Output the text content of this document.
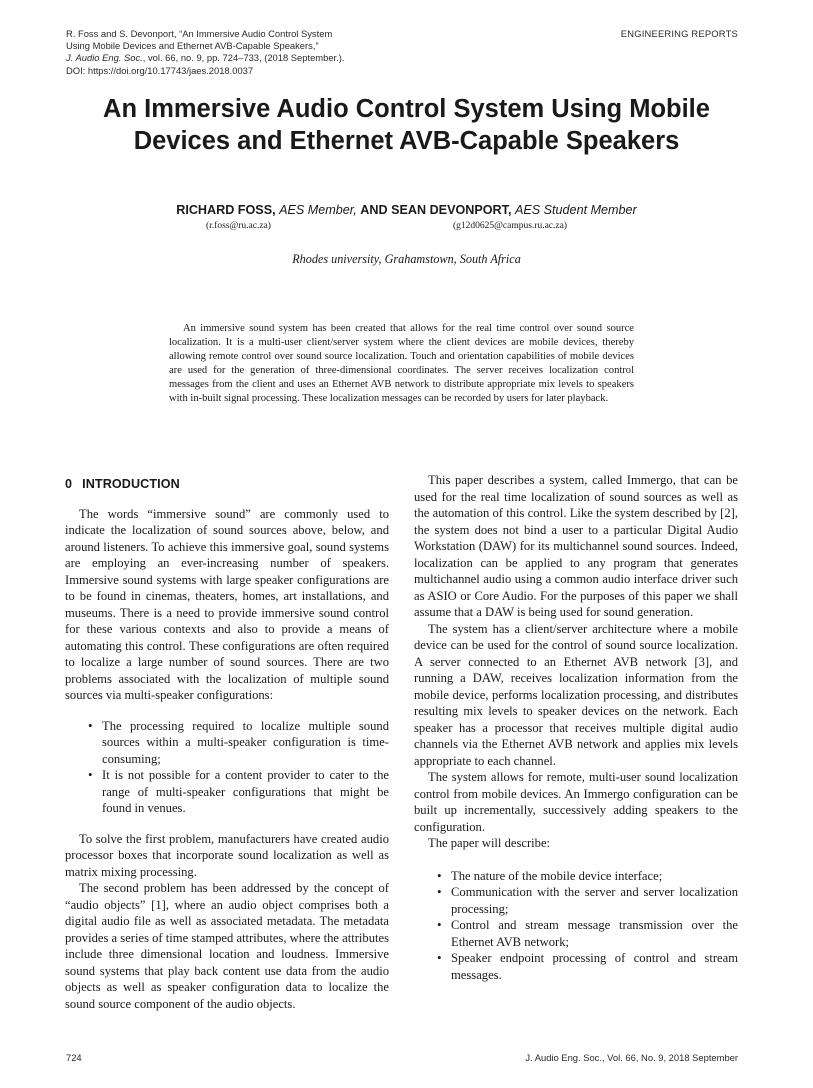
R. Foss and S. Devonport, “An Immersive Audio Control System
Using Mobile Devices and Ethernet AVB-Capable Speakers,”
J. Audio Eng. Soc., vol. 66, no. 9, pp. 724–733, (2018 September.).
DOI: https://doi.org/10.17743/jaes.2018.0037
ENGINEERING REPORTS
An Immersive Audio Control System Using Mobile
Devices and Ethernet AVB-Capable Speakers
RICHARD FOSS, AES Member, AND SEAN DEVONPORT, AES Student Member
(r.foss@ru.ac.za)	(g12d0625@campus.ru.ac.za)
Rhodes university, Grahamstown, South Africa

An immersive sound system has been created that allows for the real time control over sound source localization. It is a multi-user client/server system where the client devices are mobile devices, thereby allowing remote control over sound source localization. Touch and orientation capabilities of mobile devices are used for the generation of three-dimensional coordinates. The server receives localization control messages from the client and uses an Ethernet AVB network to distribute appropriate mix levels to speakers with in-built signal processing. These localization messages can be recorded by users for later playback.

0 INTRODUCTION

The words “immersive sound” are commonly used to indicate the localization of sound sources above, below, and around listeners. To achieve this immersive goal, sound systems are employing an ever-increasing number of speakers. Immersive sound systems with large speaker configurations are to be found in cinemas, theaters, homes, art installations, and museums. There is a need to provide immersive sound control for these various contexts and also to provide a means of automating this control. These configurations are often required to localize a large number of sound sources. There are two problems associated with the localization of multiple sound sources via multi-speaker configurations:

• The processing required to localize multiple sound sources within a multi-speaker configuration is time-consuming;
• It is not possible for a content provider to cater to the range of multi-speaker configurations that might be found in venues.

To solve the first problem, manufacturers have created audio processor boxes that incorporate sound localization as well as matrix mixing processing.

The second problem has been addressed by the concept of “audio objects” [1], where an audio object comprises both a digital audio file as well as associated metadata. The metadata provides a series of time stamped attributes, where the attributes include three dimensional location and loudness. Immersive sound systems that play back content use data from the audio objects as well as speaker configuration data to localize the sound source component of the audio objects.

This paper describes a system, called Immergo, that can be used for the real time localization of sound sources as well as the automation of this control. Like the system described by [2], the system does not bind a user to a particular Digital Audio Workstation (DAW) for its multichannel sound sources. Indeed, localization can be applied to any program that generates multichannel audio using a common audio interface driver such as ASIO or Core Audio. For the purposes of this paper we shall assume that a DAW is being used for sound generation.

The system has a client/server architecture where a mobile device can be used for the control of sound source localization. A server connected to an Ethernet AVB network [3], and running a DAW, receives localization information from the mobile device, performs localization processing, and distributes resulting mix levels to speaker devices on the network. Each speaker has a processor that receives multiple digital audio channels via the Ethernet AVB network and applies mix levels appropriate to each channel.

The system allows for remote, multi-user sound localization control from mobile devices. An Immergo configuration can be built up incrementally, successively adding speakers to the configuration.

The paper will describe:

• The nature of the mobile device interface;
• Communication with the server and server localization processing;
• Control and stream message transmission over the Ethernet AVB network;
• Speaker endpoint processing of control and stream messages.
724	J. Audio Eng. Soc., Vol. 66, No. 9, 2018 September
